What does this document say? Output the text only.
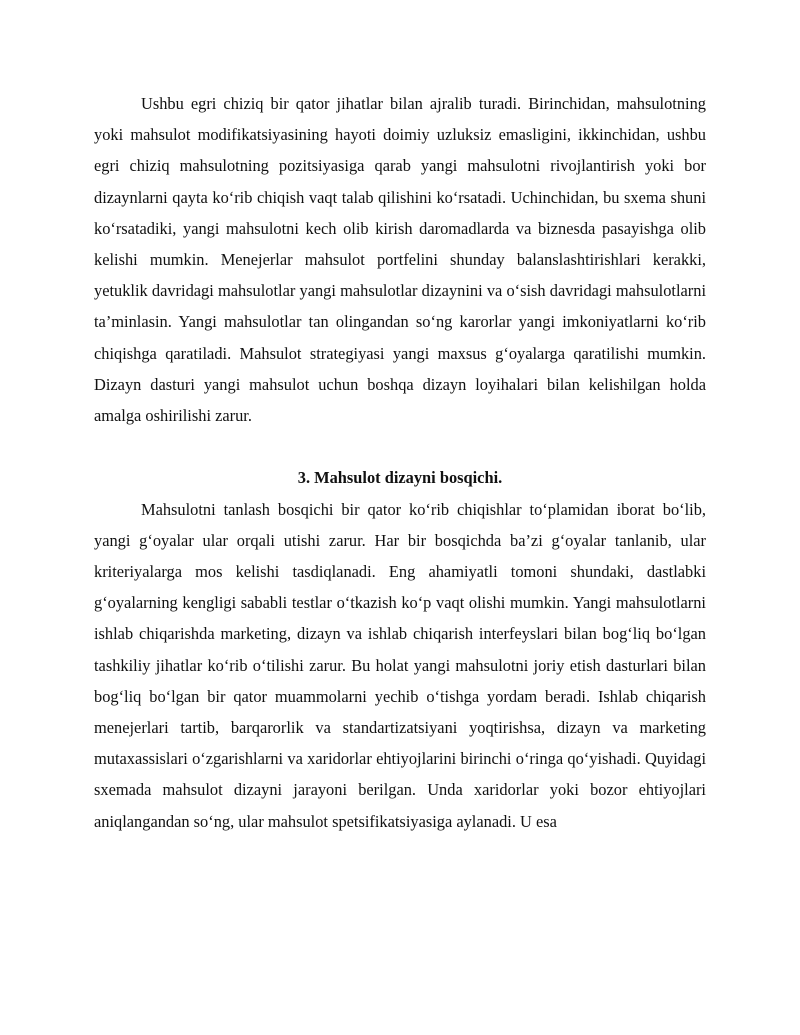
Ushbu egri chiziq bir qator jihatlar bilan ajralib turadi. Birinchidan, mahsulotning yoki mahsulot modifikatsiyasining hayoti doimiy uzluksiz emasligini, ikkinchidan, ushbu egri chiziq mahsulotning pozitsiyasiga qarab yangi mahsulotni rivojlantirish yoki bor dizaynlarni qayta koʻrib chiqish vaqt talab qilishini koʻrsatadi. Uchinchidan, bu sxema shuni koʻrsatadiki, yangi mahsulotni kech olib kirish daromadlarda va biznesda pasayishga olib kelishi mumkin. Menejerlar mahsulot portfelini shunday balanslashtirishlari kerakki, yetuklik davridagi mahsulotlar yangi mahsulotlar dizaynini va oʻsish davridagi mahsulotlarni ta’minlasin. Yangi mahsulotlar tan olingandan soʻng karorlar yangi imkoniyatlarni koʻrib chiqishga qaratiladi. Mahsulot strategiyasi yangi maxsus gʻoyalarga qaratilishi mumkin. Dizayn dasturi yangi mahsulot uchun boshqa dizayn loyihalari bilan kelishilgan holda amalga oshirilishi zarur.

3. Mahsulot dizayni bosqichi.

Mahsulotni tanlash bosqichi bir qator koʻrib chiqishlar toʻplamidan iborat boʻlib, yangi gʻoyalar ular orqali utishi zarur. Har bir bosqichda ba’zi gʻoyalar tanlanib, ular kriteriyalarga mos kelishi tasdiqlanadi. Eng ahamiyatli tomoni shundaki, dastlabki gʻoyalarning kengligi sababli testlar oʻtkazish koʻp vaqt olishi mumkin. Yangi mahsulotlarni ishlab chiqarishda marketing, dizayn va ishlab chiqarish interfeyslari bilan bogʻliq boʻlgan tashkiliy jihatlar koʻrib oʻtilishi zarur. Bu holat yangi mahsulotni joriy etish dasturlari bilan bogʻliq boʻlgan bir qator muammolarni yechib oʻtishga yordam beradi. Ishlab chiqarish menejerlari tartib, barqarorlik va standartizatsiyani yoqtirishsa, dizayn va marketing mutaxassislari oʻzgarishlarni va xaridorlar ehtiyojlarini birinchi oʻringa qoʻyishadi. Quyidagi sxemada mahsulot dizayni jarayoni berilgan. Unda xaridorlar yoki bozor ehtiyojlari aniqlangandan soʻng, ular mahsulot spetsifikatsiyasiga aylanadi. U esa
